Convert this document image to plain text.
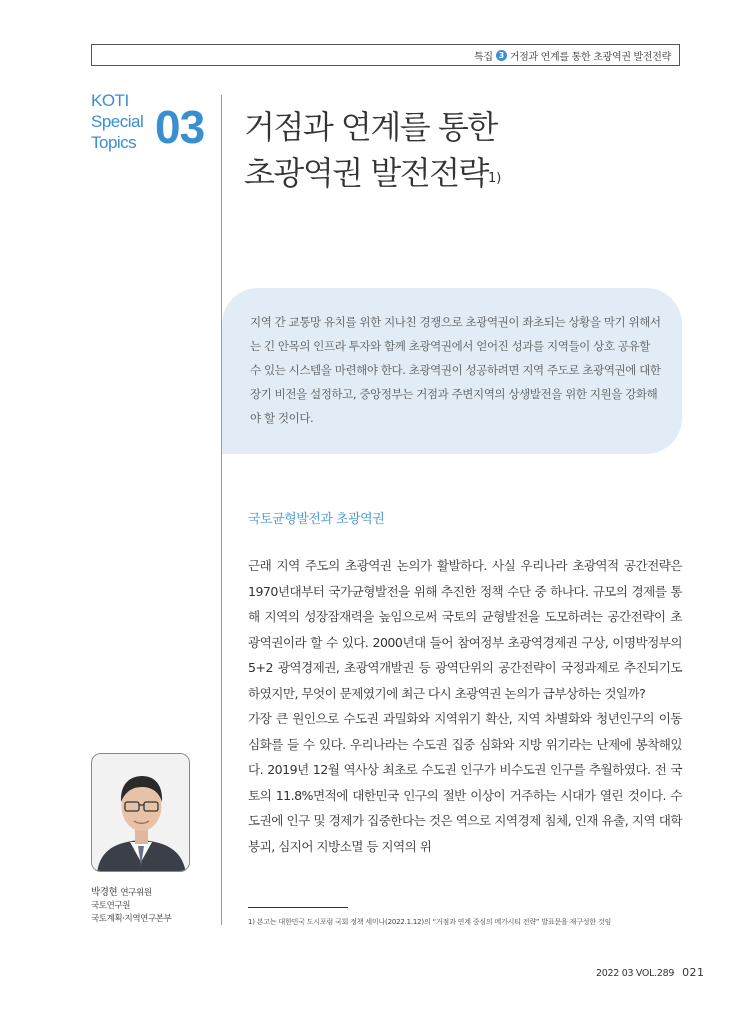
특집 3 거점과 연계를 통한 초광역권 발전전략
KOTI
Special
Topics 03 거점과 연계를 통한
초광역권 발전전략$^{1)}$
지역 간 교통망 유치를 위한 지나친 경쟁으로 초광역권이 좌초되는 상황을 막기 위해서는 긴 안목의 인프라 투자와 함께 초광역권에서 얻어진 성과를 지역들이 상호 공유할 수 있는 시스템을 마련해야 한다. 초광역권이 성공하려면 지역 주도로 초광역권에 대한 장기 비전을 설정하고, 중앙정부는 거점과 주변지역의 상생발전을 위한 지원을 강화해야 할 것이다.
국토균형발전과 초광역권

근래 지역 주도의 초광역권 논의가 활발하다. 사실 우리나라 초광역적 공간전략은 1970년대부터 국가균형발전을 위해 추진한 정책 수단 중 하나다. 규모의 경제를 통해 지역의 성장잠재력을 높임으로써 국토의 균형발전을 도모하려는 공간전략이 초광역권이라 할 수 있다. 2000년대 들어 참여정부 초광역경제권 구상, 이명박정부의 5+2 광역경제권, 초광역개발권 등 광역단위의 공간전략이 국정과제로 추진되기도 하였지만, 무엇이 문제였기에 최근 다시 초광역권 논의가 급부상하는 것일까?

가장 큰 원인으로 수도권 과밀화와 지역위기 확산, 지역 차별화와 청년인구의 이동 심화를 들 수 있다. 우리나라는 수도권 집중 심화와 지방 위기라는 난제에 봉착해있다. 2019년 12월 역사상 최초로 수도권 인구가 비수도권 인구를 추월하였다. 전 국토의 11.8%면적에 대한민국 인구의 절반 이상이 거주하는 시대가 열린 것이다. 수도권에 인구 및 경제가 집중한다는 것은 역으로 지역경제 침체, 인재 유출, 지역 대학 붕괴, 심지어 지방소멸 등 지역의 위

박경현 연구위원
국토연구원
국토계획·지역연구본부	1) 본고는 대한민국 도시포럼 국회 정책 세미나(2022.1.12)의 “거점과 연계 중심의 메가시티 전략” 발표문을 재구성한 것임
2022 03 VOL.289 021
